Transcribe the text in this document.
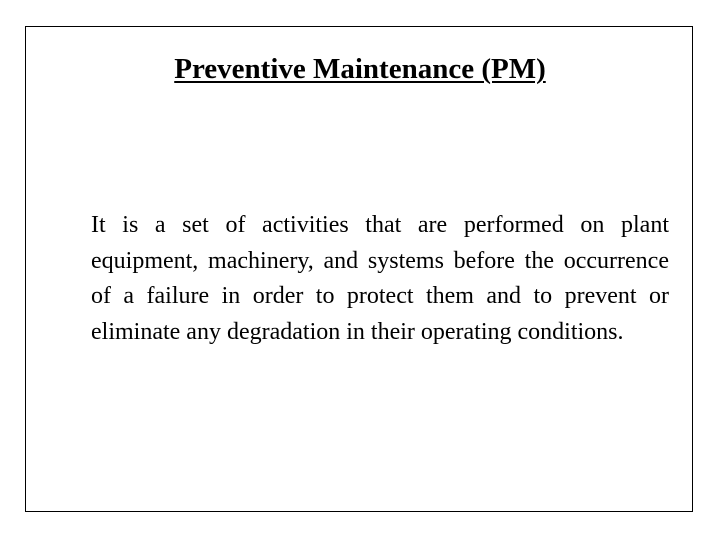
Preventive Maintenance (PM)

It is a set of activities that are performed on plant equipment, machinery, and systems before the occurrence of a failure in order to protect them and to prevent or eliminate any degradation in their operating conditions.
